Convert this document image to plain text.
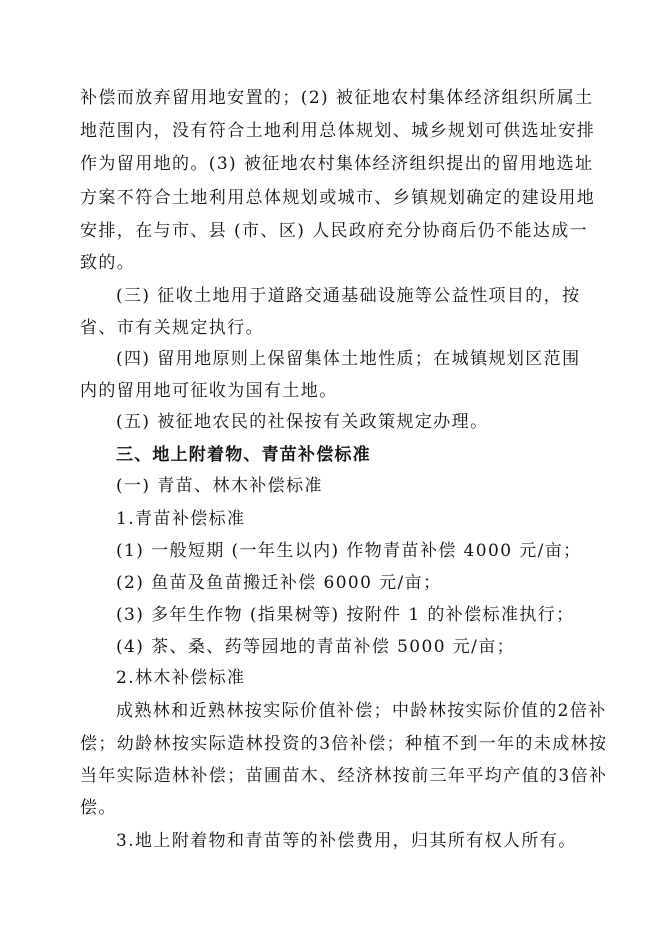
补偿而放弃留用地安置的；(2) 被征地农村集体经济组织所属土
地范围内，没有符合土地利用总体规划、城乡规划可供选址安排
作为留用地的。(3) 被征地农村集体经济组织提出的留用地选址
方案不符合土地利用总体规划或城市、乡镇规划确定的建设用地
安排，在与市、县 (市、区) 人民政府充分协商后仍不能达成一
致的。
(三) 征收土地用于道路交通基础设施等公益性项目的，按
省、市有关规定执行。
(四) 留用地原则上保留集体土地性质；在城镇规划区范围
内的留用地可征收为国有土地。
(五) 被征地农民的社保按有关政策规定办理。
三、地上附着物、青苗补偿标准
(一) 青苗、林木补偿标准
1.青苗补偿标准
(1) 一般短期 (一年生以内) 作物青苗补偿 4000 元/亩；
(2) 鱼苗及鱼苗搬迁补偿 6000 元/亩；
(3) 多年生作物 (指果树等) 按附件 1 的补偿标准执行；
(4) 茶、桑、药等园地的青苗补偿 5000 元/亩；
2.林木补偿标准
成熟林和近熟林按实际价值补偿；中龄林按实际价值的2倍补
偿；幼龄林按实际造林投资的3倍补偿；种植不到一年的未成林按
当年实际造林补偿；苗圃苗木、经济林按前三年平均产值的3倍补
偿。
3.地上附着物和青苗等的补偿费用，归其所有权人所有。
